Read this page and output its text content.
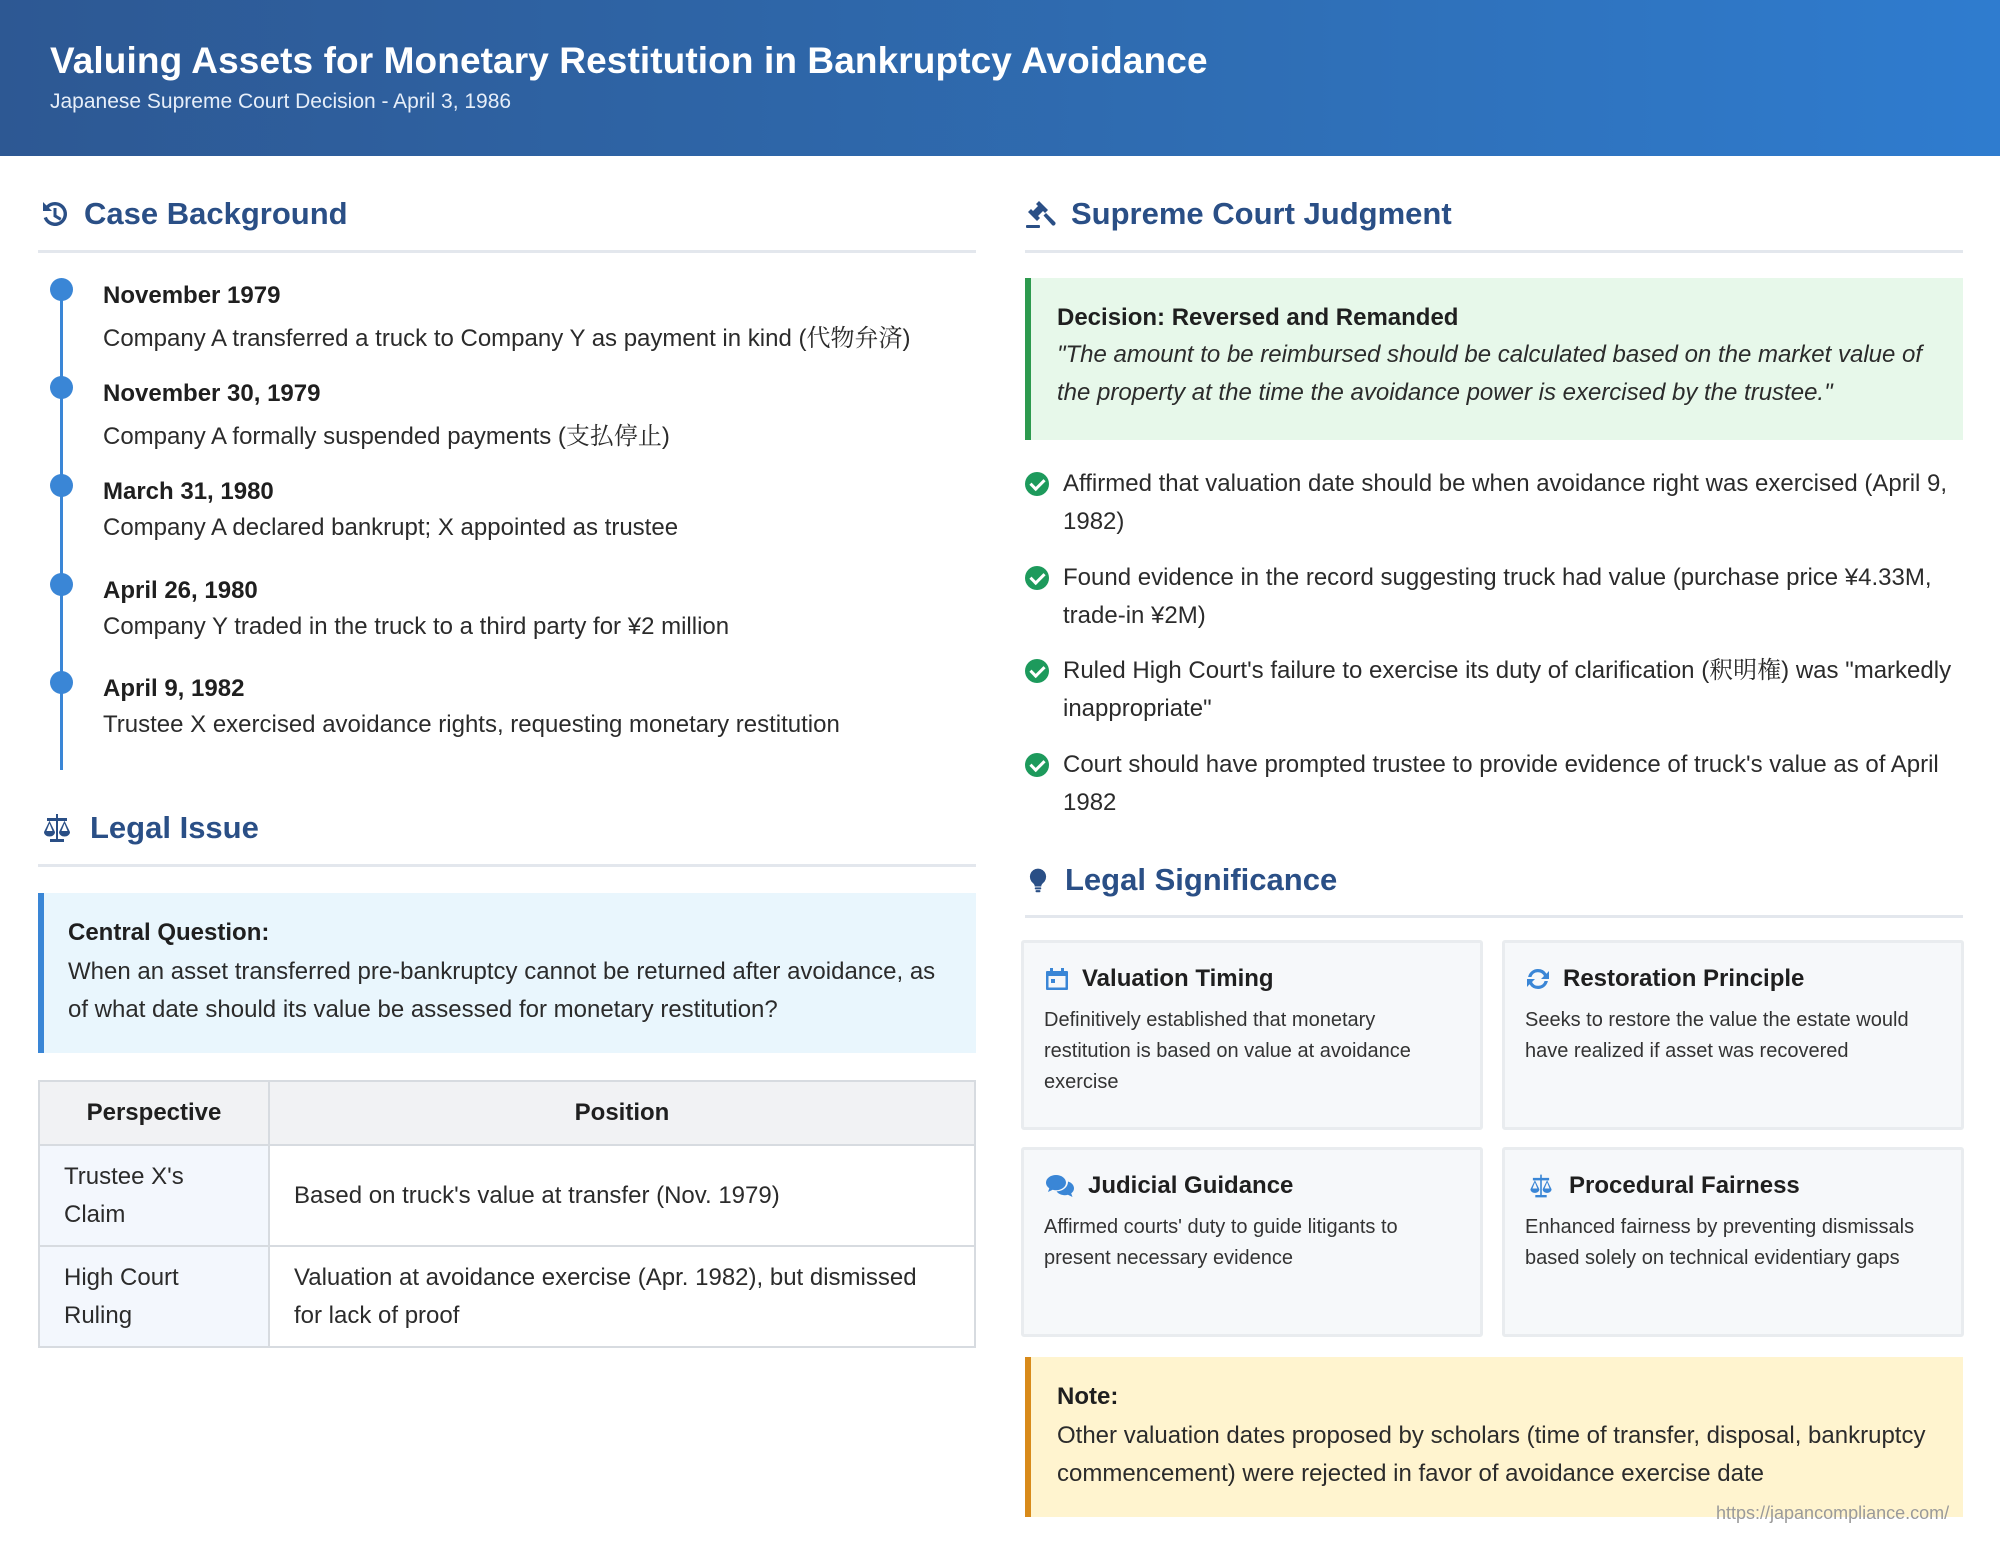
Valuing Assets for Monetary Restitution in Bankruptcy Avoidance
Japanese Supreme Court Decision - April 3, 1986
Case Background
November 1979
Company A transferred a truck to Company Y as payment in kind (代物弁済)
November 30, 1979
Company A formally suspended payments (支払停止)
March 31, 1980
Company A declared bankrupt; X appointed as trustee
April 26, 1980
Company Y traded in the truck to a third party for ¥2 million
April 9, 1982
Trustee X exercised avoidance rights, requesting monetary restitution
Legal Issue
Central Question:
When an asset transferred pre-bankruptcy cannot be returned after avoidance, as of what date should its value be assessed for monetary restitution?
Perspective	Position
Trustee X's Claim	Based on truck's value at transfer (Nov. 1979)
High Court Ruling	Valuation at avoidance exercise (Apr. 1982), but dismissed for lack of proof
Supreme Court Judgment
Decision: Reversed and Remanded
"The amount to be reimbursed should be calculated based on the market value of the property at the time the avoidance power is exercised by the trustee."
Affirmed that valuation date should be when avoidance right was exercised (April 9, 1982)
Found evidence in the record suggesting truck had value (purchase price ¥4.33M, trade-in ¥2M)
Ruled High Court's failure to exercise its duty of clarification (釈明権) was "markedly inappropriate"
Court should have prompted trustee to provide evidence of truck's value as of April 1982
Legal Significance
Valuation Timing
Definitively established that monetary restitution is based on value at avoidance exercise
Restoration Principle
Seeks to restore the value the estate would have realized if asset was recovered
Judicial Guidance
Affirmed courts' duty to guide litigants to present necessary evidence
Procedural Fairness
Enhanced fairness by preventing dismissals based solely on technical evidentiary gaps
Note:
Other valuation dates proposed by scholars (time of transfer, disposal, bankruptcy commencement) were rejected in favor of avoidance exercise date
https://japancompliance.com/
